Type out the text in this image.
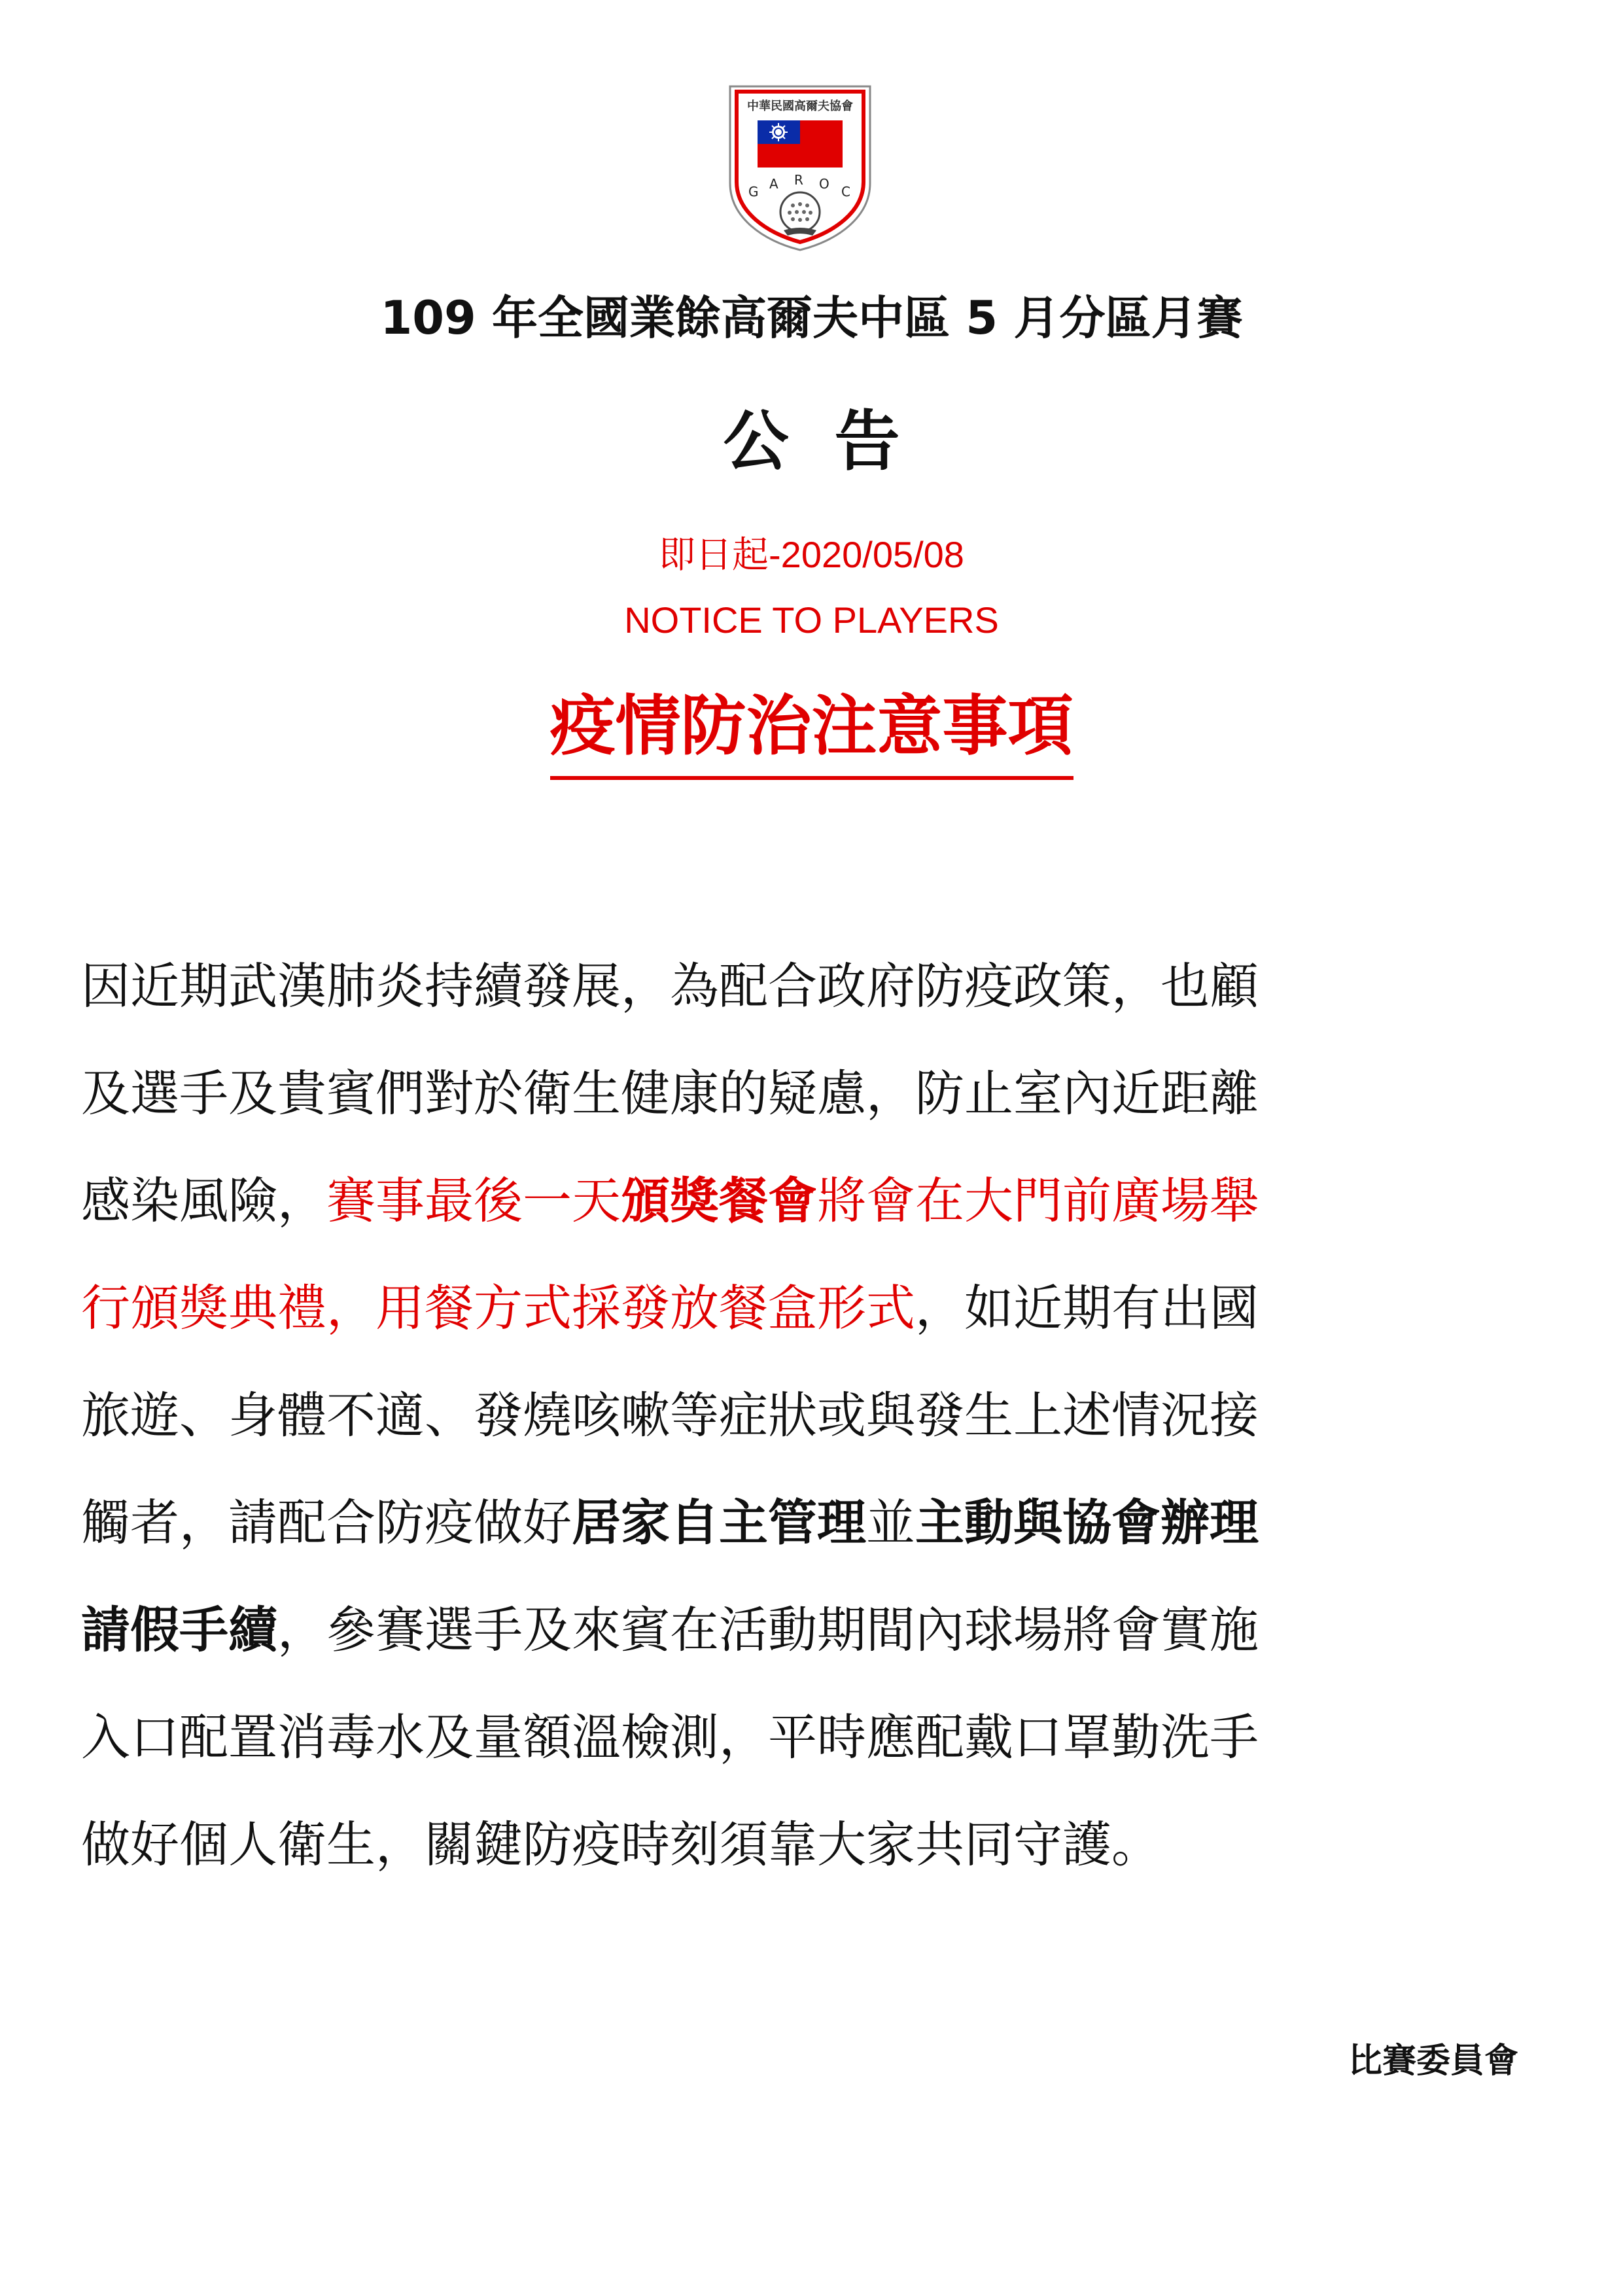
中華民國高爾夫協會
G A R O C
109 年全國業餘高爾夫中區 5 月分區月賽
公 告
即日起-2020/05/08
NOTICE TO PLAYERS
疫情防治注意事項
因近期武漢肺炎持續發展，為配合政府防疫政策，也顧
及選手及貴賓們對於衛生健康的疑慮，防止室內近距離
感染風險，賽事最後一天頒獎餐會將會在大門前廣場舉
行頒獎典禮，用餐方式採發放餐盒形式，如近期有出國
旅遊、身體不適、發燒咳嗽等症狀或與發生上述情況接
觸者，請配合防疫做好居家自主管理並主動與協會辦理
請假手續，參賽選手及來賓在活動期間內球場將會實施
入口配置消毒水及量額溫檢測，平時應配戴口罩勤洗手
做好個人衛生，關鍵防疫時刻須靠大家共同守護。
比賽委員會
